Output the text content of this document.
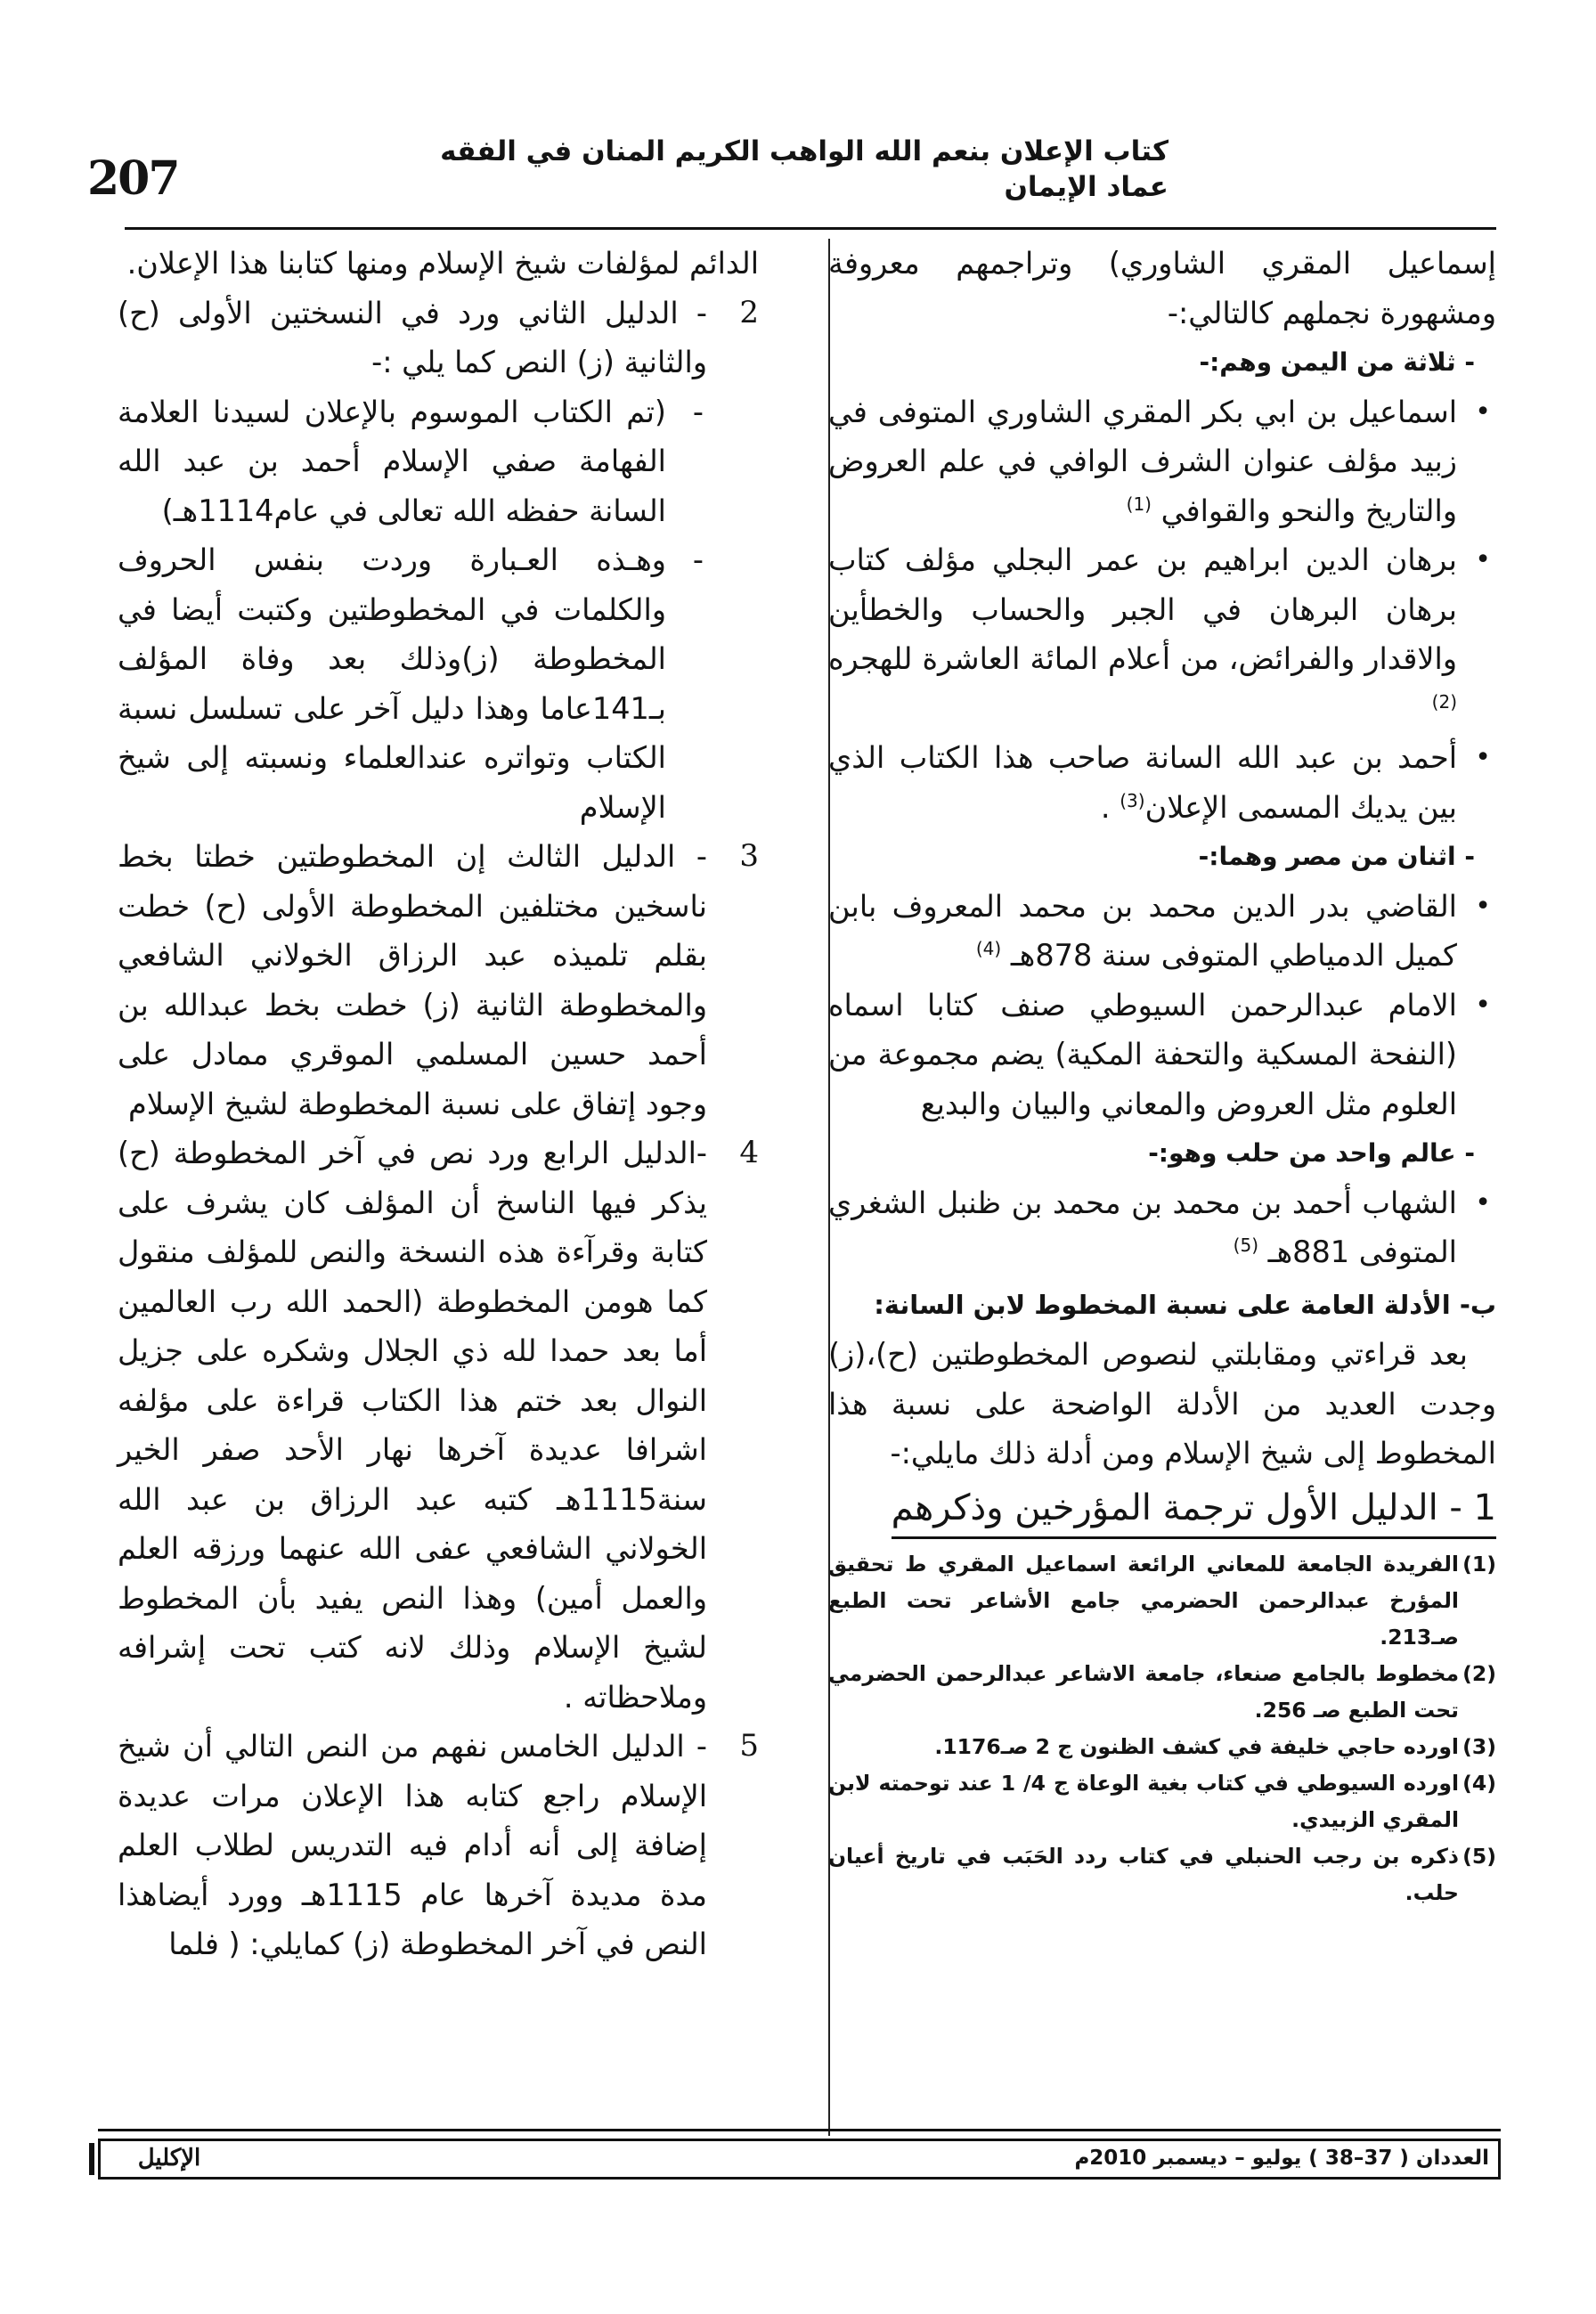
كتاب الإعلان بنعم الله الواهب الكريم المنان في الفقه عماد الإيمان
207

إسماعيل المقري الشاوري) وتراجمهم معروفة ومشهورة نجملهم كالتالي:-

- ثلاثة من اليمن وهم:-

• اسماعيل بن ابي بكر المقري الشاوري المتوفى في زبيد مؤلف عنوان الشرف الوافي في علم العروض والتاريخ والنحو والقوافي $^{(1)}$

• برهان الدين ابراهيم بن عمر البجلي مؤلف كتاب برهان البرهان في الجبر والحساب والخطأين والاقدار والفرائض، من أعلام المائة العاشرة للهجره $^{(2)}$

• أحمد بن عبد الله السانة صاحب هذا الكتاب الذي بين يديك المسمى الإعلان$^{(3)}$ .

- اثنان من مصر وهما:-

• القاضي بدر الدين محمد بن محمد المعروف بابن كميل الدمياطي المتوفى سنة 878هـ $^{(4)}$

• الامام عبدالرحمن السيوطي صنف كتابا اسماه (النفحة المسكية والتحفة المكية) يضم مجموعة من العلوم مثل العروض والمعاني والبيان والبديع

- عالم واحد من حلب وهو:-

• الشهاب أحمد بن محمد بن محمد بن ظنبل الشغري المتوفى 881هـ $^{(5)}$

ب- الأدلة العامة على نسبة المخطوط لابن السانة:

بعد قراءتي ومقابلتي لنصوص المخطوطتين (ح)،(ز) وجدت العديد من الأدلة الواضحة على نسبة هذا المخطوط إلى شيخ الإسلام ومن أدلة ذلك مايلي:-

1 - الدليل الأول ترجمة المؤرخين وذكرهم

(1)
الفريدة الجامعة للمعاني الرائعة اسماعيل المقري ط تحقيق المؤرخ عبدالرحمن الحضرمي جامع الأشاعر تحت الطبع صـ213.

(2)
مخطوط بالجامع صنعاء، جامعة الاشاعر عبدالرحمن الحضرمي تحت الطبع صـ 256.

(3)
اورده حاجي خليفة في كشف الظنون ج 2 صـ1176.

(4)
اورده السيوطي في كتاب بغية الوعاة ج 4/ 1 عند توحمته لابن المقري الزبيدي.

(5)
ذكره بن رجب الحنبلي في كتاب ردد الحَبَب في تاريخ أعيان حلب.

الدائم لمؤلفات شيخ الإسلام ومنها كتابنا هذا الإعلان.

2

- الدليل الثاني ورد في النسختين الأولى (ح) والثانية (ز) النص كما يلي :-

-
(تم الكتاب الموسوم بالإعلان لسيدنا العلامة الفهامة صفي الإسلام أحمد بن عبد الله السانة حفظه الله تعالى في عام1114هـ)

-
وهـذه العـبارة وردت بنفس الحروف والكلمات في المخطوطتين وكتبت أيضا في المخطوطة (ز)وذلك بعد وفاة المؤلف بـ141عاما وهذا دليل آخر على تسلسل نسبة الكتاب وتواتره عندالعلماء ونسبته إلى شيخ الإسلام

3

- الدليل الثالث إن المخطوطتين خطتا بخط ناسخين مختلفين المخطوطة الأولى (ح) خطت بقلم تلميذه عبد الرزاق الخولاني الشافعي والمخطوطة الثانية (ز) خطت بخط عبدالله بن أحمد حسين المسلمي الموقري ممادل على وجود إتفاق على نسبة المخطوطة لشيخ الإسلام

4

-الدليل الرابع ورد نص في آخر المخطوطة (ح) يذكر فيها الناسخ أن المؤلف كان يشرف على كتابة وقرآءة هذه النسخة والنص للمؤلف منقول كما هومن المخطوطة (الحمد الله رب العالمين أما بعد حمدا لله ذي الجلال وشكره على جزيل النوال بعد ختم هذا الكتاب قراءة على مؤلفه اشرافا عديدة آخرها نهار الأحد صفر الخير سنة1115هـ كتبه عبد الرزاق بن عبد الله الخولاني الشافعي عفى الله عنهما ورزقه العلم والعمل أمين) وهذا النص يفيد بأن المخطوط لشيخ الإسلام وذلك لانه كتب تحت إشرافه وملاحظاته .

5

- الدليل الخامس نفهم من النص التالي أن شيخ الإسلام راجع كتابه هذا الإعلان مرات عديدة إضافة إلى أنه أدام فيه التدريس لطلاب العلم مدة مديدة آخرها عام 1115هـ وورد أيضاهذا النص في آخر المخطوطة (ز) كمايلي: ( فلما

العددان ( 37–38 ) يوليو – ديسمبر 2010م
الإكليل
